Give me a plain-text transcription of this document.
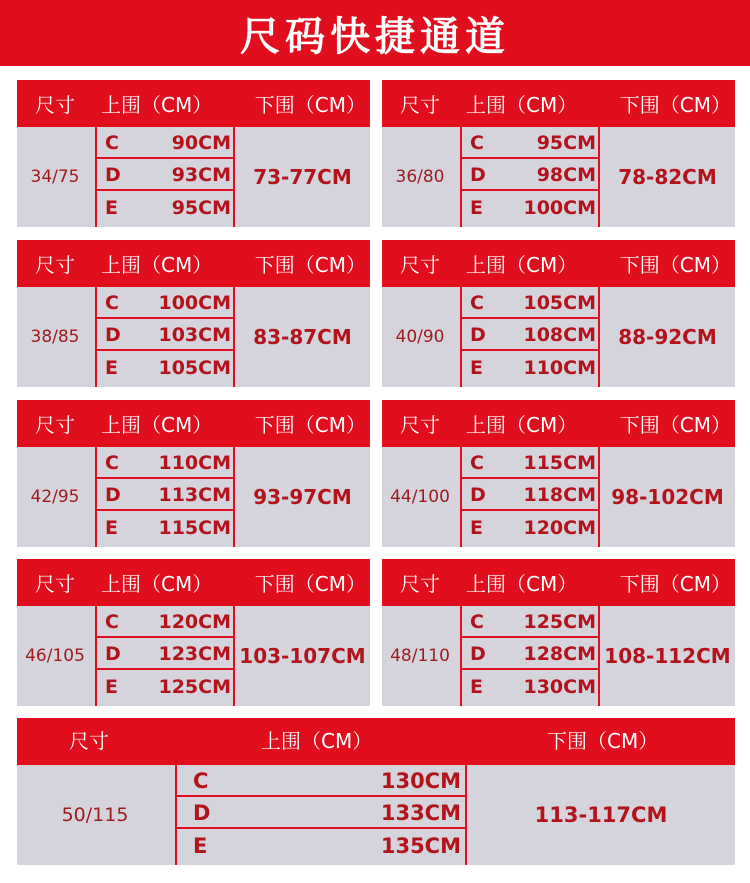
尺码快捷通道
尺寸 上围（CM） 下围（CM）
34/75
C	90CM
D	93CM
E	95CM
73-77CM
尺寸 上围（CM） 下围（CM）
36/80
C	95CM
D	98CM
E 100CM
78-82CM
尺寸 上围（CM） 下围（CM）
38/85
C 100CM
D 103CM
E 105CM
83-87CM
尺寸 上围（CM） 下围（CM）
40/90
C 105CM
D 108CM
E 110CM
88-92CM
尺寸 上围（CM） 下围（CM）
42/95
C 110CM
D 113CM
E 115CM
93-97CM
尺寸 上围（CM） 下围（CM）
44/100
C 115CM
D 118CM
E 120CM
98-102CM
尺寸 上围（CM） 下围（CM）
46/105
C 120CM
D 123CM
E 125CM
103-107CM
尺寸 上围（CM） 下围（CM）
48/110
C 125CM
D 128CM
E 130CM
108-112CM
尺寸	上围（CM）	下围（CM）
50/115
C	130CM
D	133CM
E	135CM
113-117CM
